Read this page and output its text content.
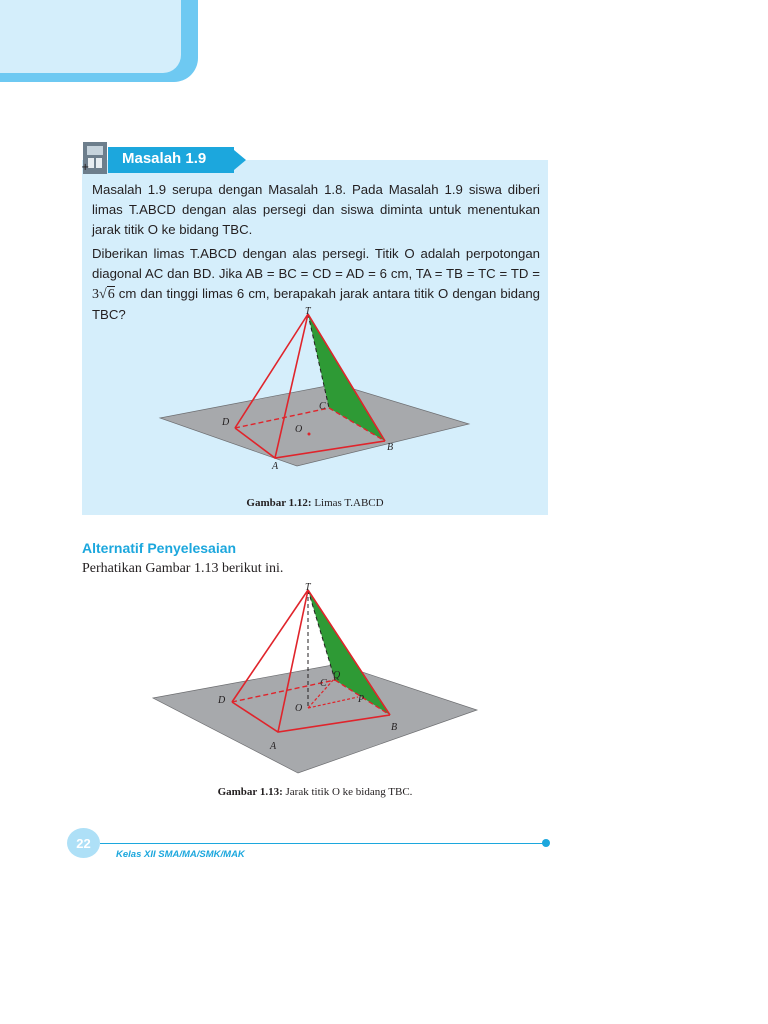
+
Masalah 1.9

Masalah 1.9 serupa dengan Masalah 1.8. Pada Masalah 1.9 siswa diberi limas T.ABCD dengan alas persegi dan siswa diminta untuk menentukan jarak titik O ke bidang TBC.

Diberikan limas T.ABCD dengan alas persegi. Titik O adalah perpotongan diagonal AC dan BD. Jika AB = BC = CD = AD = 6 cm, TA = TB = TC = TD = 3√6 cm dan tinggi limas 6 cm, berapakah jarak antara titik O dengan bidang TBC?	T
D
C
O
A
B
Gambar 1.12: Limas T.ABCD
Alternatif Penyelesaian
Perhatikan Gambar 1.13 berikut ini.
T
D
C
Q
P
O
A
B
Gambar 1.13: Jarak titik O ke bidang TBC.
22
Kelas XII SMA/MA/SMK/MAK
